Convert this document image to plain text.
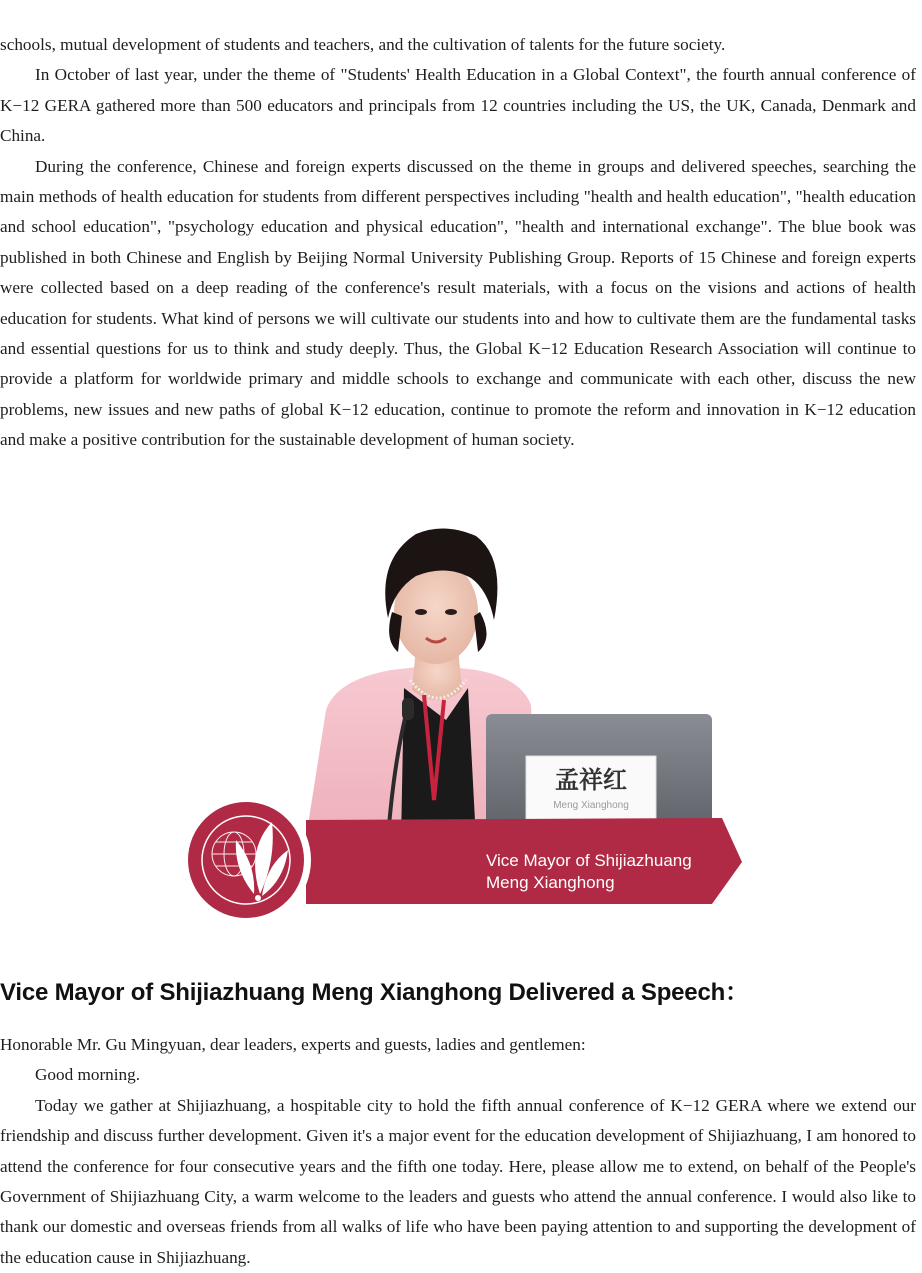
schools, mutual development of students and teachers, and the cultivation of talents for the future society.

In October of last year, under the theme of "Students' Health Education in a Global Context", the fourth annual conference of K−12 GERA gathered more than 500 educators and principals from 12 countries including the US, the UK, Canada, Denmark and China.

During the conference, Chinese and foreign experts discussed on the theme in groups and delivered speeches, searching the main methods of health education for students from different perspectives including "health and health education", "health education and school education", "psychology education and physical education", "health and international exchange". The blue book was published in both Chinese and English by Beijing Normal University Publishing Group. Reports of 15 Chinese and foreign experts were collected based on a deep reading of the conference's result materials, with a focus on the visions and actions of health education for students. What kind of persons we will cultivate our students into and how to cultivate them are the fundamental tasks and essential questions for us to think and study deeply. Thus, the Global K−12 Education Research Association will continue to provide a platform for worldwide primary and middle schools to exchange and communicate with each other, discuss the new problems, new issues and new paths of global K−12 education, continue to promote the reform and innovation in K−12 education and make a positive contribution for the sustainable development of human society.

孟祥红
Meng Xianghong
Vice Mayor of Shijiazhuang
Meng Xianghong
Vice Mayor of Shijiazhuang Meng Xianghong Delivered a Speech：

Honorable Mr. Gu Mingyuan, dear leaders, experts and guests, ladies and gentlemen:

Good morning.

Today we gather at Shijiazhuang, a hospitable city to hold the fifth annual conference of K−12 GERA where we extend our friendship and discuss further development. Given it's a major event for the education development of Shijiazhuang, I am honored to attend the conference for four consecutive years and the fifth one today. Here, please allow me to extend, on behalf of the People's Government of Shijiazhuang City, a warm welcome to the leaders and guests who attend the annual conference. I would also like to thank our domestic and overseas friends from all walks of life who have been paying attention to and supporting the development of the education cause in Shijiazhuang.
